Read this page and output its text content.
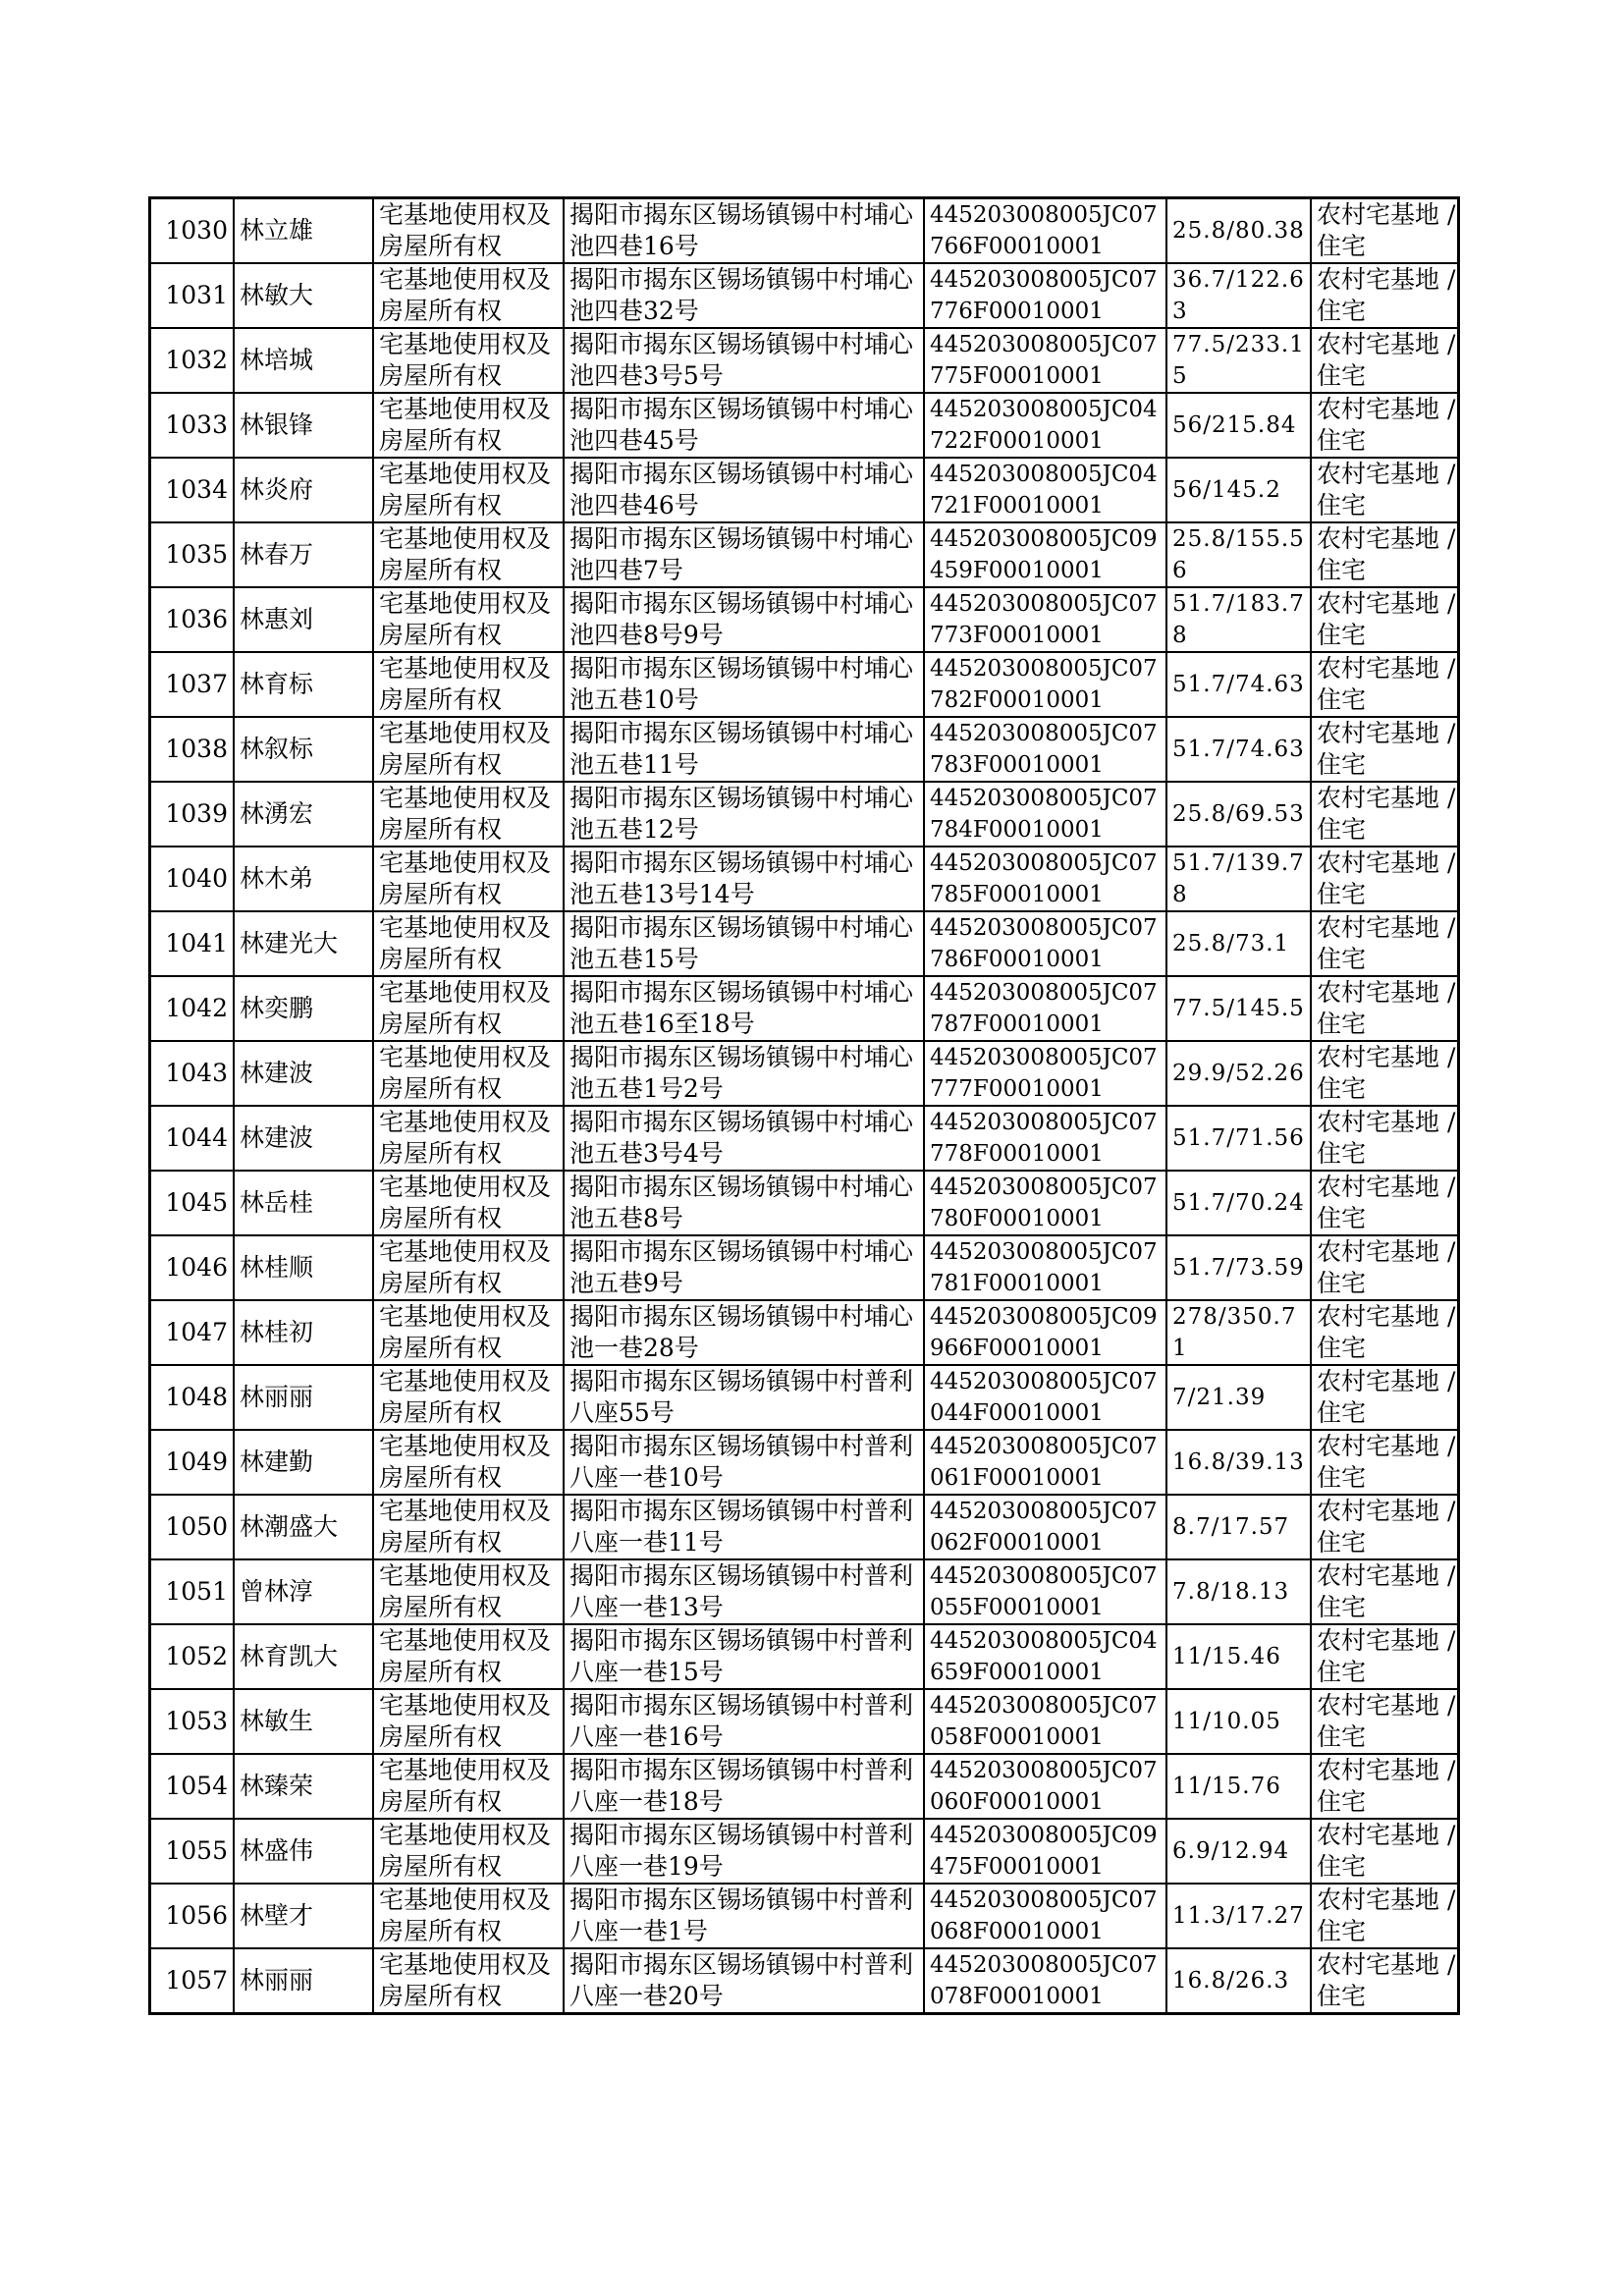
1030	林立雄	宅基地使用权及房屋所有权	揭阳市揭东区锡场镇锡中村埔心池四巷16号	445203008005JC07766F00010001	25.8/80.38	农村宅基地 / 住宅
1031	林敏大	宅基地使用权及房屋所有权	揭阳市揭东区锡场镇锡中村埔心池四巷32号	445203008005JC07776F00010001	36.7/122.63	农村宅基地 / 住宅
1032	林培城	宅基地使用权及房屋所有权	揭阳市揭东区锡场镇锡中村埔心池四巷3号5号	445203008005JC07775F00010001	77.5/233.15	农村宅基地 / 住宅
1033	林银锋	宅基地使用权及房屋所有权	揭阳市揭东区锡场镇锡中村埔心池四巷45号	445203008005JC04722F00010001	56/215.84	农村宅基地 / 住宅
1034	林炎府	宅基地使用权及房屋所有权	揭阳市揭东区锡场镇锡中村埔心池四巷46号	445203008005JC04721F00010001	56/145.2	农村宅基地 / 住宅
1035	林春万	宅基地使用权及房屋所有权	揭阳市揭东区锡场镇锡中村埔心池四巷7号	445203008005JC09459F00010001	25.8/155.56	农村宅基地 / 住宅
1036	林惠刘	宅基地使用权及房屋所有权	揭阳市揭东区锡场镇锡中村埔心池四巷8号9号	445203008005JC07773F00010001	51.7/183.78	农村宅基地 / 住宅
1037	林育标	宅基地使用权及房屋所有权	揭阳市揭东区锡场镇锡中村埔心池五巷10号	445203008005JC07782F00010001	51.7/74.63	农村宅基地 / 住宅
1038	林叙标	宅基地使用权及房屋所有权	揭阳市揭东区锡场镇锡中村埔心池五巷11号	445203008005JC07783F00010001	51.7/74.63	农村宅基地 / 住宅
1039	林湧宏	宅基地使用权及房屋所有权	揭阳市揭东区锡场镇锡中村埔心池五巷12号	445203008005JC07784F00010001	25.8/69.53	农村宅基地 / 住宅
1040	林木弟	宅基地使用权及房屋所有权	揭阳市揭东区锡场镇锡中村埔心池五巷13号14号	445203008005JC07785F00010001	51.7/139.78	农村宅基地 / 住宅
1041	林建光大	宅基地使用权及房屋所有权	揭阳市揭东区锡场镇锡中村埔心池五巷15号	445203008005JC07786F00010001	25.8/73.1	农村宅基地 / 住宅
1042	林奕鹏	宅基地使用权及房屋所有权	揭阳市揭东区锡场镇锡中村埔心池五巷16至18号	445203008005JC07787F00010001	77.5/145.5	农村宅基地 / 住宅
1043	林建波	宅基地使用权及房屋所有权	揭阳市揭东区锡场镇锡中村埔心池五巷1号2号	445203008005JC07777F00010001	29.9/52.26	农村宅基地 / 住宅
1044	林建波	宅基地使用权及房屋所有权	揭阳市揭东区锡场镇锡中村埔心池五巷3号4号	445203008005JC07778F00010001	51.7/71.56	农村宅基地 / 住宅
1045	林岳桂	宅基地使用权及房屋所有权	揭阳市揭东区锡场镇锡中村埔心池五巷8号	445203008005JC07780F00010001	51.7/70.24	农村宅基地 / 住宅
1046	林桂顺	宅基地使用权及房屋所有权	揭阳市揭东区锡场镇锡中村埔心池五巷9号	445203008005JC07781F00010001	51.7/73.59	农村宅基地 / 住宅
1047	林桂初	宅基地使用权及房屋所有权	揭阳市揭东区锡场镇锡中村埔心池一巷28号	445203008005JC09966F00010001	278/350.71	农村宅基地 / 住宅
1048	林丽丽	宅基地使用权及房屋所有权	揭阳市揭东区锡场镇锡中村普利八座55号	445203008005JC07044F00010001	7/21.39	农村宅基地 / 住宅
1049	林建勤	宅基地使用权及房屋所有权	揭阳市揭东区锡场镇锡中村普利八座一巷10号	445203008005JC07061F00010001	16.8/39.13	农村宅基地 / 住宅
1050	林潮盛大	宅基地使用权及房屋所有权	揭阳市揭东区锡场镇锡中村普利八座一巷11号	445203008005JC07062F00010001	8.7/17.57	农村宅基地 / 住宅
1051	曾林淳	宅基地使用权及房屋所有权	揭阳市揭东区锡场镇锡中村普利八座一巷13号	445203008005JC07055F00010001	7.8/18.13	农村宅基地 / 住宅
1052	林育凯大	宅基地使用权及房屋所有权	揭阳市揭东区锡场镇锡中村普利八座一巷15号	445203008005JC04659F00010001	11/15.46	农村宅基地 / 住宅
1053	林敏生	宅基地使用权及房屋所有权	揭阳市揭东区锡场镇锡中村普利八座一巷16号	445203008005JC07058F00010001	11/10.05	农村宅基地 / 住宅
1054	林臻荣	宅基地使用权及房屋所有权	揭阳市揭东区锡场镇锡中村普利八座一巷18号	445203008005JC07060F00010001	11/15.76	农村宅基地 / 住宅
1055	林盛伟	宅基地使用权及房屋所有权	揭阳市揭东区锡场镇锡中村普利八座一巷19号	445203008005JC09475F00010001	6.9/12.94	农村宅基地 / 住宅
1056	林壁才	宅基地使用权及房屋所有权	揭阳市揭东区锡场镇锡中村普利八座一巷1号	445203008005JC07068F00010001	11.3/17.27	农村宅基地 / 住宅
1057	林丽丽	宅基地使用权及房屋所有权	揭阳市揭东区锡场镇锡中村普利八座一巷20号	445203008005JC07078F00010001	16.8/26.3	农村宅基地 / 住宅
